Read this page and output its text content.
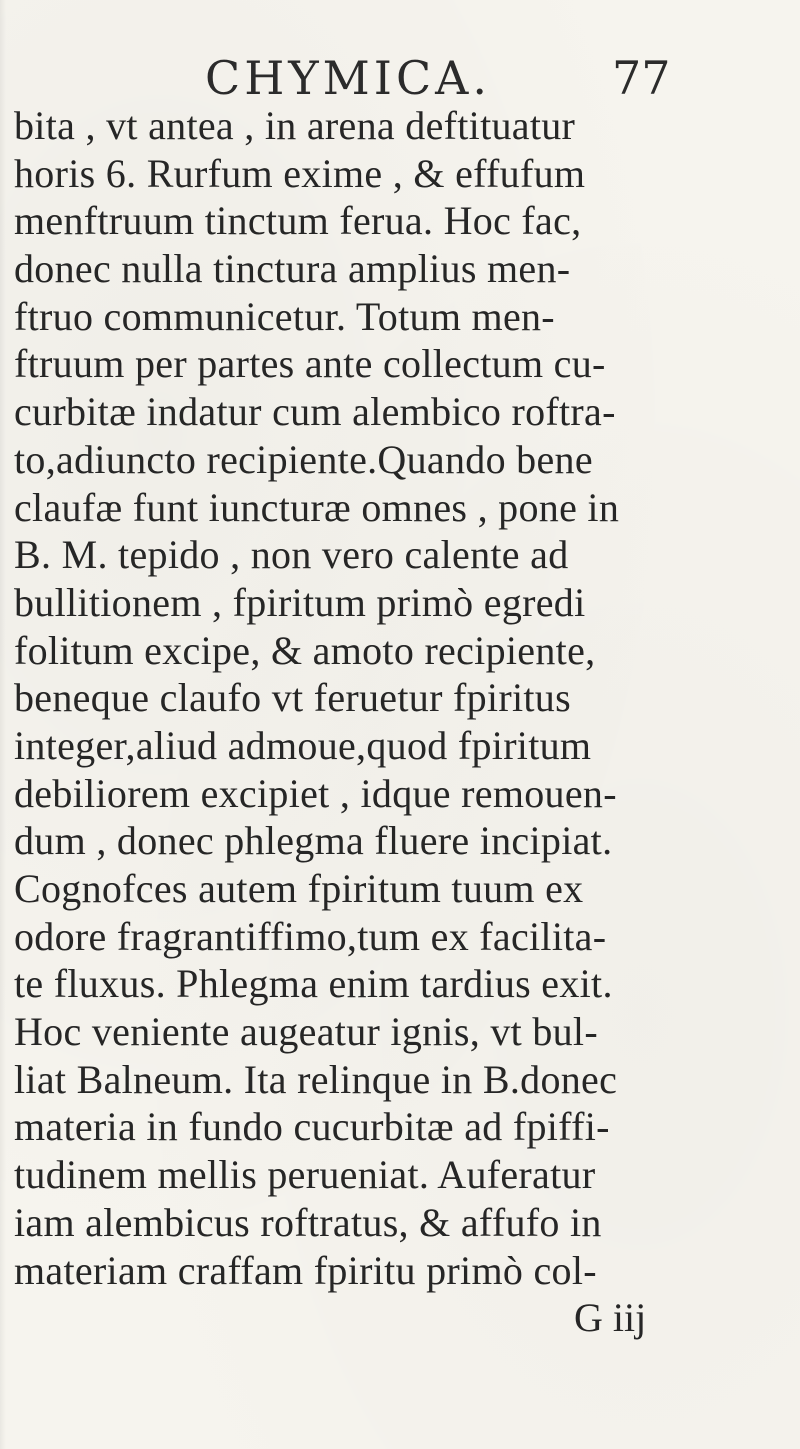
CHYMICA.	77
bita , vt antea , in arena deftituatur
horis 6. Rurfum exime , & effufum
menftruum tinctum ferua. Hoc fac,
donec nulla tinctura amplius men-
ftruo communicetur. Totum men-
ftruum per partes ante collectum cu-
curbitæ indatur cum alembico roftra-
to,adiuncto recipiente.Quando bene
claufæ funt iuncturæ omnes , pone in
B. M. tepido , non vero calente ad
bullitionem , fpiritum primò egredi
folitum excipe, & amoto recipiente,
beneque claufo vt feruetur fpiritus
integer,aliud admoue,quod fpiritum
debiliorem excipiet , idque remouen-
dum , donec phlegma fluere incipiat.
Cognofces autem fpiritum tuum ex
odore fragrantiffimo,tum ex facilita-
te fluxus. Phlegma enim tardius exit.
Hoc veniente augeatur ignis, vt bul-
liat Balneum. Ita relinque in B.donec
materia in fundo cucurbitæ ad fpiffi-
tudinem mellis perueniat. Auferatur
iam alembicus roftratus, & affufo in
materiam craffam fpiritu primò col-
G iij
